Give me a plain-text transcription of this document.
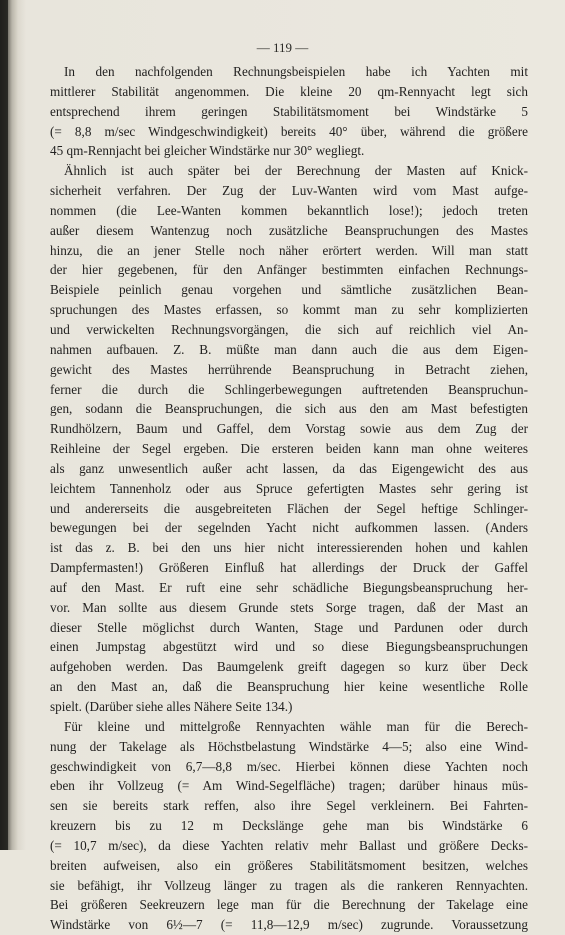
— 119 —
In den nachfolgenden Rechnungsbeispielen habe ich Yachten mit
mittlerer Stabilität angenommen. Die kleine 20 qm-Rennyacht legt sich
entsprechend ihrem geringen Stabilitätsmoment bei Windstärke 5
(= 8,8 m/sec Windgeschwindigkeit) bereits 40° über, während die größere
45 qm-Rennjacht bei gleicher Windstärke nur 30° wegliegt.
Ähnlich ist auch später bei der Berechnung der Masten auf Knick-
sicherheit verfahren. Der Zug der Luv-Wanten wird vom Mast aufge-
nommen (die Lee-Wanten kommen bekanntlich lose!); jedoch treten
außer diesem Wantenzug noch zusätzliche Beanspruchungen des Mastes
hinzu, die an jener Stelle noch näher erörtert werden. Will man statt
der hier gegebenen, für den Anfänger bestimmten einfachen Rechnungs-
Beispiele peinlich genau vorgehen und sämtliche zusätzlichen Bean-
spruchungen des Mastes erfassen, so kommt man zu sehr komplizierten
und verwickelten Rechnungsvorgängen, die sich auf reichlich viel An-
nahmen aufbauen. Z. B. müßte man dann auch die aus dem Eigen-
gewicht des Mastes herrührende Beanspruchung in Betracht ziehen,
ferner die durch die Schlingerbewegungen auftretenden Beanspruchun-
gen, sodann die Beanspruchungen, die sich aus den am Mast befestigten
Rundhölzern, Baum und Gaffel, dem Vorstag sowie aus dem Zug der
Reihleine der Segel ergeben. Die ersteren beiden kann man ohne weiteres
als ganz unwesentlich außer acht lassen, da das Eigengewicht des aus
leichtem Tannenholz oder aus Spruce gefertigten Mastes sehr gering ist
und andererseits die ausgebreiteten Flächen der Segel heftige Schlinger-
bewegungen bei der segelnden Yacht nicht aufkommen lassen. (Anders
ist das z. B. bei den uns hier nicht interessierenden hohen und kahlen
Dampfermasten!) Größeren Einfluß hat allerdings der Druck der Gaffel
auf den Mast. Er ruft eine sehr schädliche Biegungsbeanspruchung her-
vor. Man sollte aus diesem Grunde stets Sorge tragen, daß der Mast an
dieser Stelle möglichst durch Wanten, Stage und Pardunen oder durch
einen Jumpstag abgestützt wird und so diese Biegungsbeanspruchungen
aufgehoben werden. Das Baumgelenk greift dagegen so kurz über Deck
an den Mast an, daß die Beanspruchung hier keine wesentliche Rolle
spielt. (Darüber siehe alles Nähere Seite 134.)
Für kleine und mittelgroße Rennyachten wähle man für die Berech-
nung der Takelage als Höchstbelastung Windstärke 4—5; also eine Wind-
geschwindigkeit von 6,7—8,8 m/sec. Hierbei können diese Yachten noch
eben ihr Vollzeug (= Am Wind-Segelfläche) tragen; darüber hinaus müs-
sen sie bereits stark reffen, also ihre Segel verkleinern. Bei Fahrten-
kreuzern bis zu 12 m Deckslänge gehe man bis Windstärke 6
(= 10,7 m/sec), da diese Yachten relativ mehr Ballast und größere Decks-
breiten aufweisen, also ein größeres Stabilitätsmoment besitzen, welches
sie befähigt, ihr Vollzeug länger zu tragen als die rankeren Rennyachten.
Bei größeren Seekreuzern lege man für die Berechnung der Takelage eine
Windstärke von 6½—7 (= 11,8—12,9 m/sec) zugrunde. Voraussetzung
